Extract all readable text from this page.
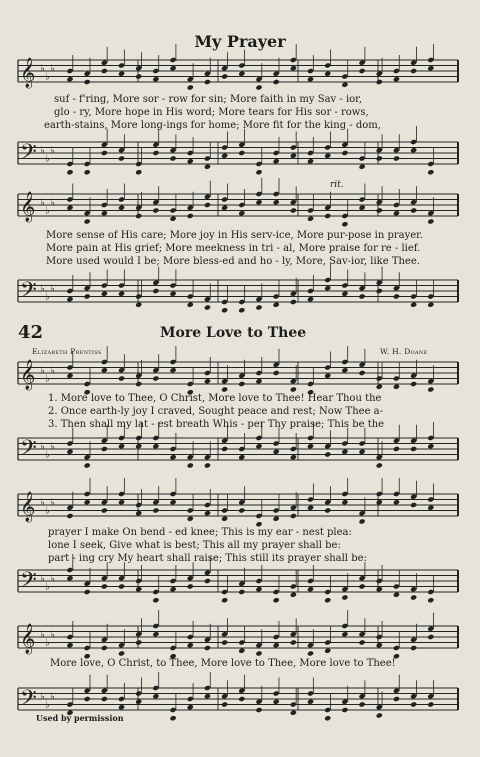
My Prayer
𝄞 ♭
♭
♭
𝄢 ♭
♭
♭
𝄞 ♭
♭
♭
𝄢 ♭
♭
♭
𝄞 ♭
♭
♭
𝄢 ♭
♭
♭
𝄞 ♭
♭
♭
𝄢 ♭
♭
♭
𝄞 ♭
♭
♭
𝄢 ♭
♭
♭
suf - f'ring, More sor - row for sin; More faith in my Sav - ior,
glo - ry, More hope in His word; More tears for His sor - rows,
earth-stains, More long-ings for home; More fit for the king - dom,
rit.
More sense of His care; More joy in His serv-ice, More pur-pose in prayer.
More pain at His grief; More meekness in tri - al, More praise for re - lief.
More used would I be; More bless-ed and ho - ly, More, Sav-ior, like Thee.
42	More Love to Thee
Elizabeth Prentiss	W. H. Doane
1. More love to Thee, O Christ, More love to Thee! Hear Thou the
2. Once earth-ly joy I craved, Sought peace and rest; Now Thee a-
3. Then shall my lat - est breath Whis - per Thy praise; This be the
prayer I make On bend - ed knee; This is my ear - nest plea:
lone I seek, Give what is best; This all my prayer shall be:
part - ing cry My heart shall raise; This still its prayer shall be:
More love, O Christ, to Thee, More love to Thee, More love to Thee!
Used by permission
